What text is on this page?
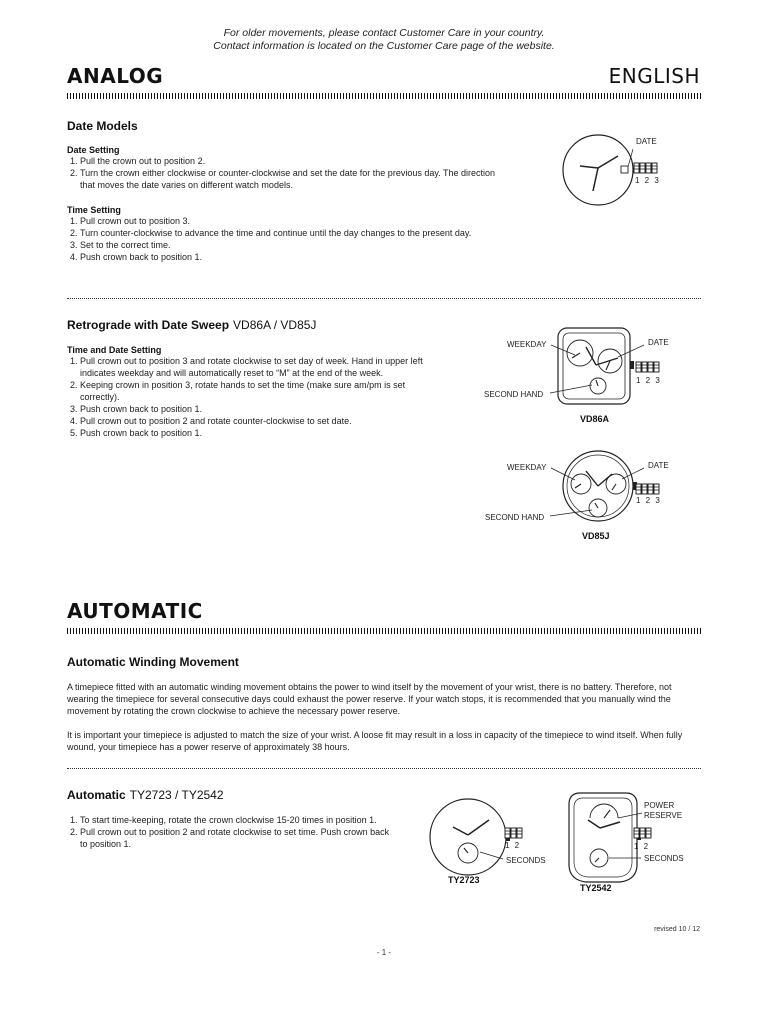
For older movements, please contact Customer Care in your country.
Contact information is located on the Customer Care page of the website.
ANALOG	ENGLISH
Date Models
Date Setting
1. Pull the crown out to position 2.
2. Turn the crown either clockwise or counter-clockwise and set the date for the previous day. The direction that moves the date varies on different watch models.
Time Setting
1. Pull crown out to position 3.
2. Turn counter-clockwise to advance the time and continue until the day changes to the present day.
3. Set to the correct time.
4. Push crown back to position 1.
DATE
1 2 3
Retrograde with Date Sweep VD86A / VD85J
Time and Date Setting
1. Pull crown out to position 3 and rotate clockwise to set day of week. Hand in upper left indicates weekday and will automatically reset to “M” at the end of the week.
2. Keeping crown in position 3, rotate hands to set the time (make sure am/pm is set correctly).
3. Push crown back to position 1.
4. Pull crown out to position 2 and rotate counter-clockwise to set date.
5. Push crown back to position 1.
WEEKDAY	DATE
SECOND HAND
1 2 3
VD86A
WEEKDAY	DATE
SECOND HAND
1 2 3
VD85J
AUTOMATIC
Automatic Winding Movement
A timepiece fitted with an automatic winding movement obtains the power to wind itself by the movement of your wrist, there is no battery. Therefore, not wearing the timepiece for several consecutive days could exhaust the power reserve. If your watch stops, it is recommended that you manually wind the movement by rotating the crown clockwise to achieve the necessary power reserve.
It is important your timepiece is adjusted to match the size of your wrist. A loose fit may result in a loss in capacity of the timepiece to wind itself. When fully wound, your timepiece has a power reserve of approximately 38 hours.
Automatic TY2723 / TY2542
1. To start time-keeping, rotate the crown clockwise 15-20 times in position 1.
2. Pull crown out to position 2 and rotate clockwise to set time. Push crown back to position 1.
SECONDS
1 2
TY2723
POWER
RESERVE
SECONDS
1 2
TY2542
revised 10 / 12
- 1 -
